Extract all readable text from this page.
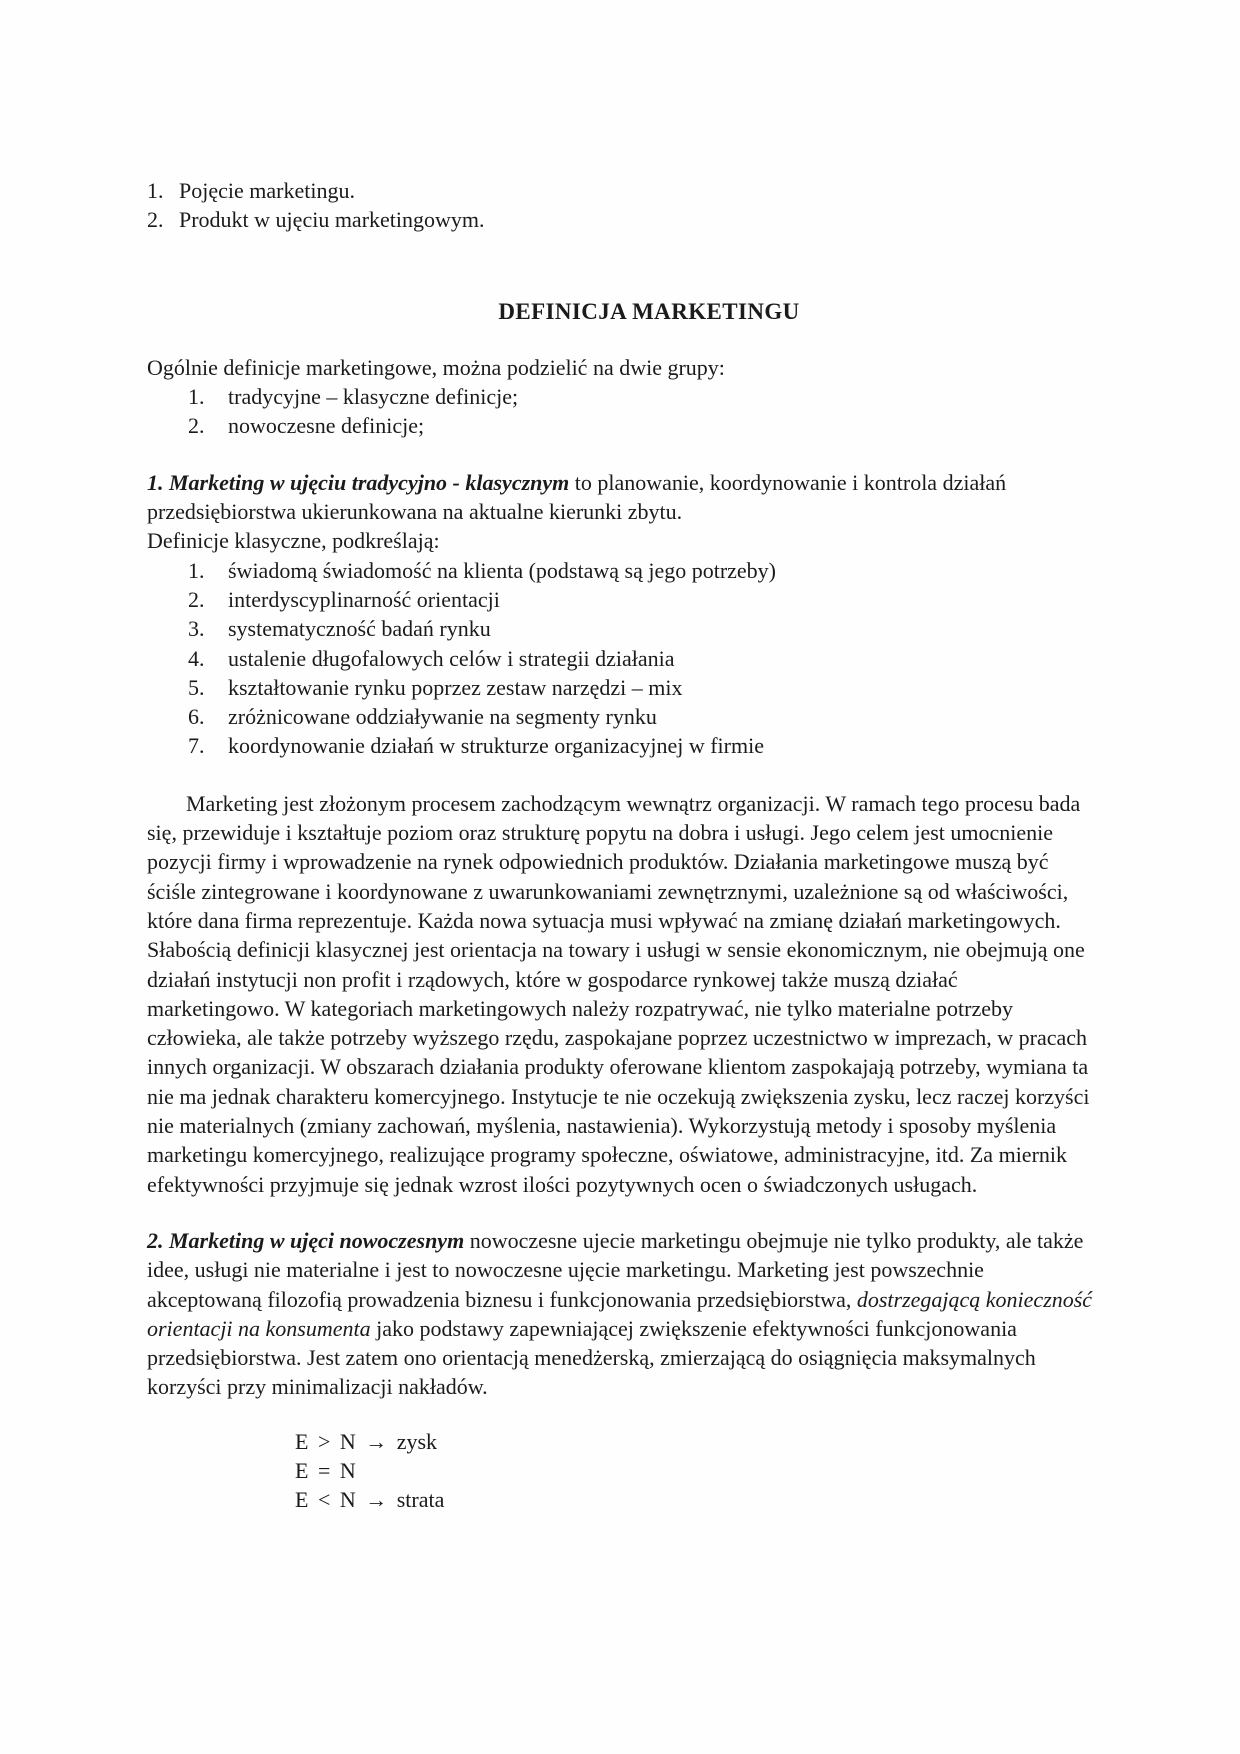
1. Pojęcie marketingu.
2. Produkt w ujęciu marketingowym.

DEFINICJA MARKETINGU

Ogólnie definicje marketingowe, można podzielić na dwie grupy:

1.	tradycyjne – klasyczne definicje;
2.	nowoczesne definicje;

1. Marketing w ujęciu tradycyjno - klasycznym to planowanie, koordynowanie i kontrola działań przedsiębiorstwa ukierunkowana na aktualne kierunki zbytu.

Definicje klasyczne, podkreślają:

1.	świadomą świadomość na klienta (podstawą są jego potrzeby)
2.	interdyscyplinarność orientacji
3.	systematyczność badań rynku
4.	ustalenie długofalowych celów i strategii działania
5.	kształtowanie rynku poprzez zestaw narzędzi – mix
6.	zróżnicowane oddziaływanie na segmenty rynku
7.	koordynowanie działań w strukturze organizacyjnej w firmie

Marketing jest złożonym procesem zachodzącym wewnątrz organizacji. W ramach tego procesu bada się, przewiduje i kształtuje poziom oraz strukturę popytu na dobra i usługi. Jego celem jest umocnienie pozycji firmy i wprowadzenie na rynek odpowiednich produktów. Działania marketingowe muszą być ściśle zintegrowane i koordynowane z uwarunkowaniami zewnętrznymi, uzależnione są od właściwości, które dana firma reprezentuje. Każda nowa sytuacja musi wpływać na zmianę działań marketingowych. Słabością definicji klasycznej jest orientacja na towary i usługi w sensie ekonomicznym, nie obejmują one działań instytucji non profit i rządowych, które w gospodarce rynkowej także muszą działać marketingowo. W kategoriach marketingowych należy rozpatrywać, nie tylko materialne potrzeby człowieka, ale także potrzeby wyższego rzędu, zaspokajane poprzez uczestnictwo w imprezach, w pracach innych organizacji. W obszarach działania produkty oferowane klientom zaspokajają potrzeby, wymiana ta nie ma jednak charakteru komercyjnego. Instytucje te nie oczekują zwiększenia zysku, lecz raczej korzyści nie materialnych (zmiany zachowań, myślenia, nastawienia). Wykorzystują metody i sposoby myślenia marketingu komercyjnego, realizujące programy społeczne, oświatowe, administracyjne, itd. Za miernik efektywności przyjmuje się jednak wzrost ilości pozytywnych ocen o świadczonych usługach.

2. Marketing w ujęci nowoczesnym nowoczesne ujecie marketingu obejmuje nie tylko produkty, ale także idee, usługi nie materialne i jest to nowoczesne ujęcie marketingu. Marketing jest powszechnie akceptowaną filozofią prowadzenia biznesu i funkcjonowania przedsiębiorstwa, dostrzegającą konieczność orientacji na konsumenta jako podstawy zapewniającej zwiększenie efektywności funkcjonowania przedsiębiorstwa. Jest zatem ono orientacją menedżerską, zmierzającą do osiągnięcia maksymalnych korzyści przy minimalizacji nakładów.

E > N → zysk

E = N

E < N → strata
